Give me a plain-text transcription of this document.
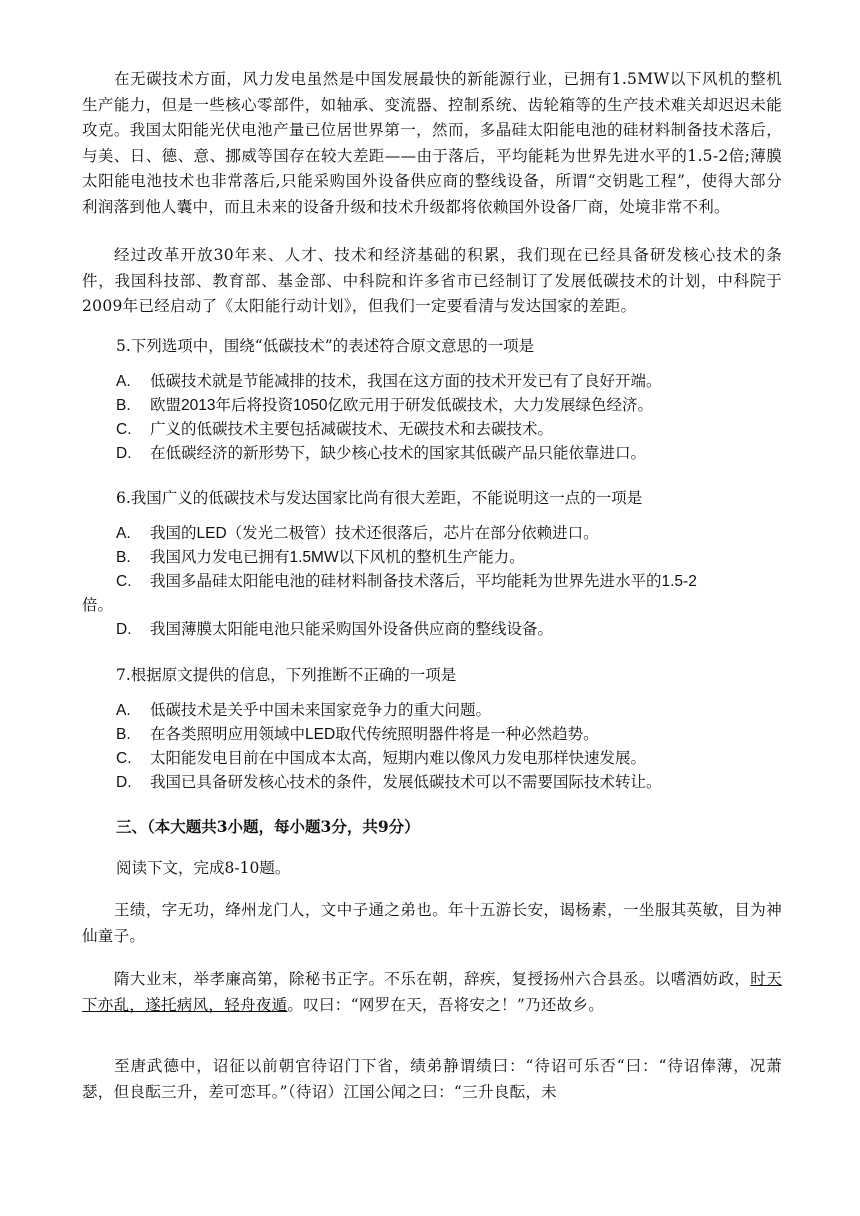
在无碳技术方面，风力发电虽然是中国发展最快的新能源行业，已拥有1.5MW以下风机的整机生产能力，但是一些核心零部件，如轴承、变流器、控制系统、齿轮箱等的生产技术难关却迟迟未能攻克。我国太阳能光伏电池产量已位居世界第一，然而，多晶硅太阳能电池的硅材料制备技术落后，与美、日、德、意、挪威等国存在较大差距——由于落后，平均能耗为世界先进水平的1.5-2倍;薄膜太阳能电池技术也非常落后,只能采购国外设备供应商的整线设备，所谓“交钥匙工程”，使得大部分利润落到他人囊中，而且未来的设备升级和技术升级都将依赖国外设备厂商，处境非常不利。

经过改革开放30年来、人才、技术和经济基础的积累，我们现在已经具备研发核心技术的条件，我国科技部、教育部、基金部、中科院和许多省市已经制订了发展低碳技术的计划，中科院于2009年已经启动了《太阳能行动计划》，但我们一定要看清与发达国家的差距。

5.下列选项中，围绕“低碳技术”的表述符合原文意思的一项是

A. 低碳技术就是节能减排的技术，我国在这方面的技术开发已有了良好开端。

B. 欧盟2013年后将投资1050亿欧元用于研发低碳技术，大力发展绿色经济。

C. 广义的低碳技术主要包括减碳技术、无碳技术和去碳技术。

D. 在低碳经济的新形势下，缺少核心技术的国家其低碳产品只能依靠进口。

6.我国广义的低碳技术与发达国家比尚有很大差距，不能说明这一点的一项是

A. 我国的LED（发光二极管）技术还很落后，芯片在部分依赖进口。

B. 我国风力发电已拥有1.5MW以下风机的整机生产能力。

C. 我国多晶硅太阳能电池的硅材料制备技术落后，平均能耗为世界先进水平的1.5-2

倍。

D. 我国薄膜太阳能电池只能采购国外设备供应商的整线设备。

7.根据原文提供的信息，下列推断不正确的一项是

A. 低碳技术是关乎中国未来国家竞争力的重大问题。

B. 在各类照明应用领域中LED取代传统照明器件将是一种必然趋势。

C. 太阳能发电目前在中国成本太高，短期内难以像风力发电那样快速发展。

D. 我国已具备研发核心技术的条件，发展低碳技术可以不需要国际技术转让。

三、（本大题共3小题，每小题3分，共9分）

阅读下文，完成8-10题。

王绩，字无功，绛州龙门人，文中子通之弟也。年十五游长安，谒杨素，一坐服其英敏，目为神仙童子。

隋大业末，举孝廉高第，除秘书正字。不乐在朝，辞疾，复授扬州六合县丞。以嗜酒妨政，时天下亦乱，遂托病风，轻舟夜遁。叹曰：“网罗在天，吾将安之！”乃还故乡。

至唐武德中，诏征以前朝官待诏门下省，绩弟静谓绩曰：“待诏可乐否“曰：“待诏俸薄，况萧瑟，但良酝三升，差可恋耳。”（待诏）江国公闻之曰：“三升良酝，未
